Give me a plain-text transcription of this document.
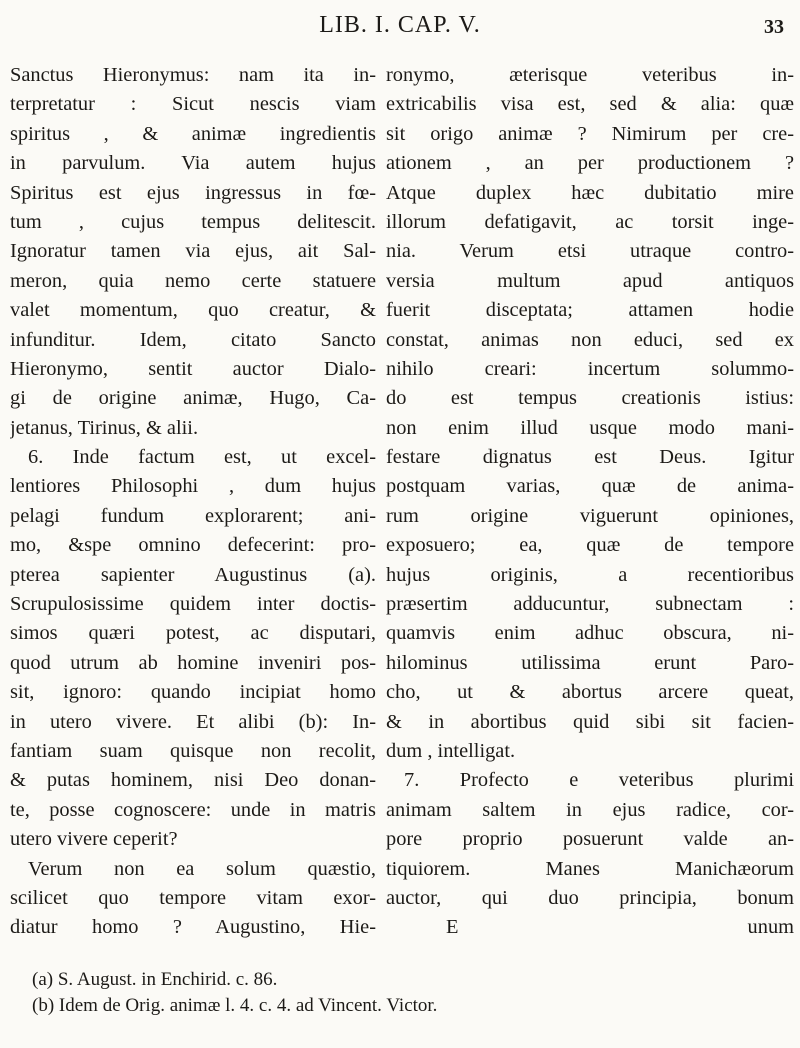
LIB. I. CAP. V.	33
Sanctus Hieronymus: nam ita in-
terpretatur : Sicut nescis viam
spiritus , & animæ ingredientis
in parvulum. Via autem hujus
Spiritus est ejus ingressus in fœ-
tum , cujus tempus delitescit.
Ignoratur tamen via ejus, ait Sal-
meron, quia nemo certe statuere
valet momentum, quo creatur, &
infunditur. Idem, citato Sancto
Hieronymo, sentit auctor Dialo-
gi de origine animæ, Hugo, Ca-
jetanus, Tirinus, & alii.
6. Inde factum est, ut excel-
lentiores Philosophi , dum hujus
pelagi fundum explorarent; ani-
mo, &spe omnino defecerint: pro-
pterea sapienter Augustinus (a).
Scrupulosissime quidem inter doctis-
simos quæri potest, ac disputari,
quod utrum ab homine inveniri pos-
sit, ignoro: quando incipiat homo
in utero vivere. Et alibi (b): In-
fantiam suam quisque non recolit,
& putas hominem, nisi Deo donan-
te, posse cognoscere: unde in matris
utero vivere ceperit?
Verum non ea solum quæstio,
scilicet quo tempore vitam exor-
diatur homo ? Augustino, Hie-
ronymo, æterisque veteribus in-
extricabilis visa est, sed & alia: quæ
sit origo animæ ? Nimirum per cre-
ationem , an per productionem ?
Atque duplex hæc dubitatio mire
illorum defatigavit, ac torsit inge-
nia. Verum etsi utraque contro-
versia multum apud antiquos
fuerit disceptata; attamen hodie
constat, animas non educi, sed ex
nihilo creari: incertum solummo-
do est tempus creationis istius:
non enim illud usque modo mani-
festare dignatus est Deus. Igitur
postquam varias, quæ de anima-
rum origine viguerunt opiniones,
exposuero; ea, quæ de tempore
hujus originis, a recentioribus
præsertim adducuntur, subnectam :
quamvis enim adhuc obscura, ni-
hilominus utilissima erunt Paro-
cho, ut & abortus arcere queat,
& in abortibus quid sibi sit facien-
dum , intelligat.
7. Profecto e veteribus plurimi
animam saltem in ejus radice, cor-
pore proprio posuerunt valde an-
tiquiorem. Manes Manichæorum
auctor, qui duo principia, bonum
E unum
(a) S. August. in Enchirid. c. 86.
(b) Idem de Orig. animæ l. 4. c. 4. ad Vincent. Victor.
